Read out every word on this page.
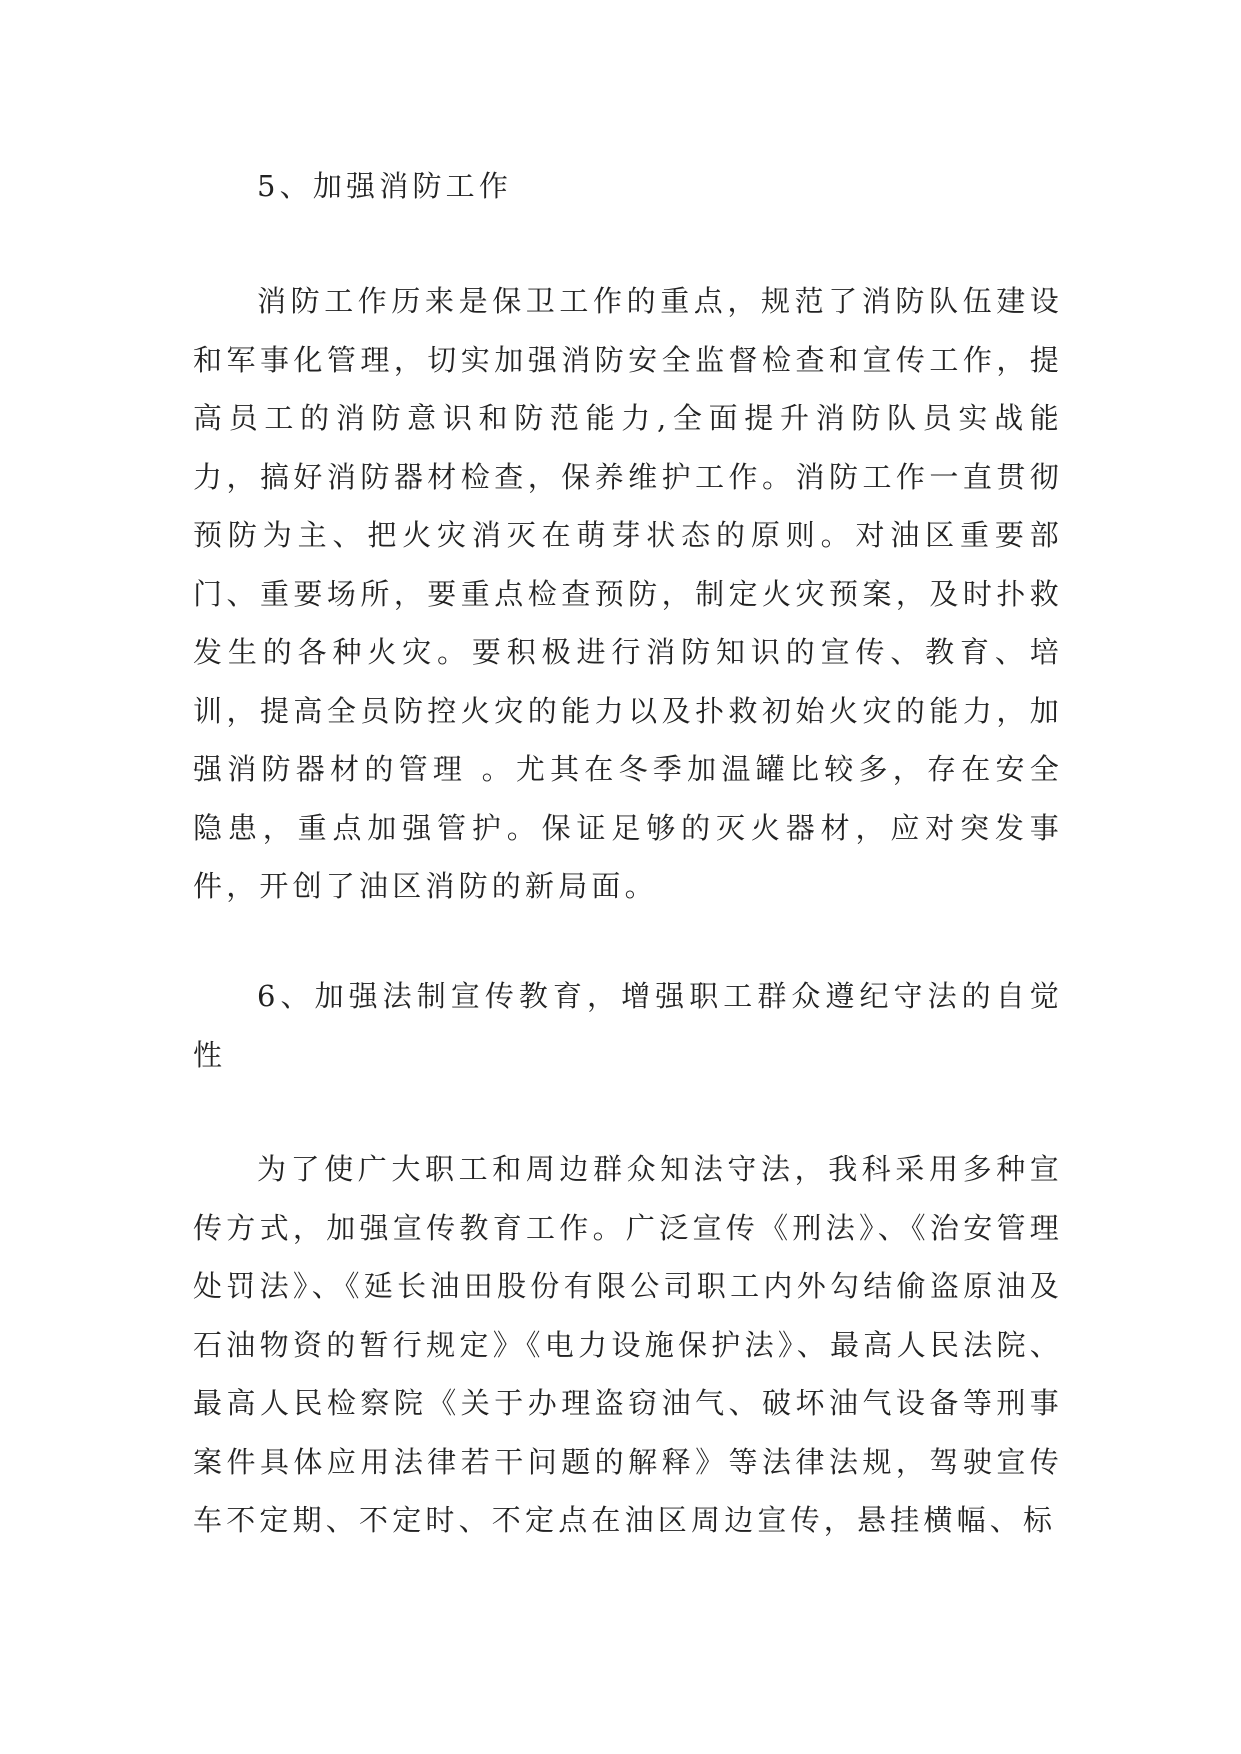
5、加强消防工作

消防工作历来是保卫工作的重点，规范了消防队伍建设和军事化管理，切实加强消防安全监督检查和宣传工作，提高员工的消防意识和防范能力,全面提升消防队员实战能力，搞好消防器材检查，保养维护工作。消防工作一直贯彻预防为主、把火灾消灭在萌芽状态的原则。对油区重要部门、重要场所，要重点检查预防，制定火灾预案，及时扑救发生的各种火灾。要积极进行消防知识的宣传、教育、培训，提高全员防控火灾的能力以及扑救初始火灾的能力，加强消防器材的管理 。尤其在冬季加温罐比较多，存在安全隐患，重点加强管护。保证足够的灭火器材，应对突发事件，开创了油区消防的新局面。

6、加强法制宣传教育，增强职工群众遵纪守法的自觉性

为了使广大职工和周边群众知法守法，我科采用多种宣传方式，加强宣传教育工作。广泛宣传《刑法》、《治安管理处罚法》、《延长油田股份有限公司职工内外勾结偷盗原油及石油物资的暂行规定》《电力设施保护法》、最高人民法院、最高人民检察院《关于办理盗窃油气、破坏油气设备等刑事案件具体应用法律若干问题的解释》等法律法规，驾驶宣传车不定期、不定时、不定点在油区周边宣传，悬挂横幅、标
